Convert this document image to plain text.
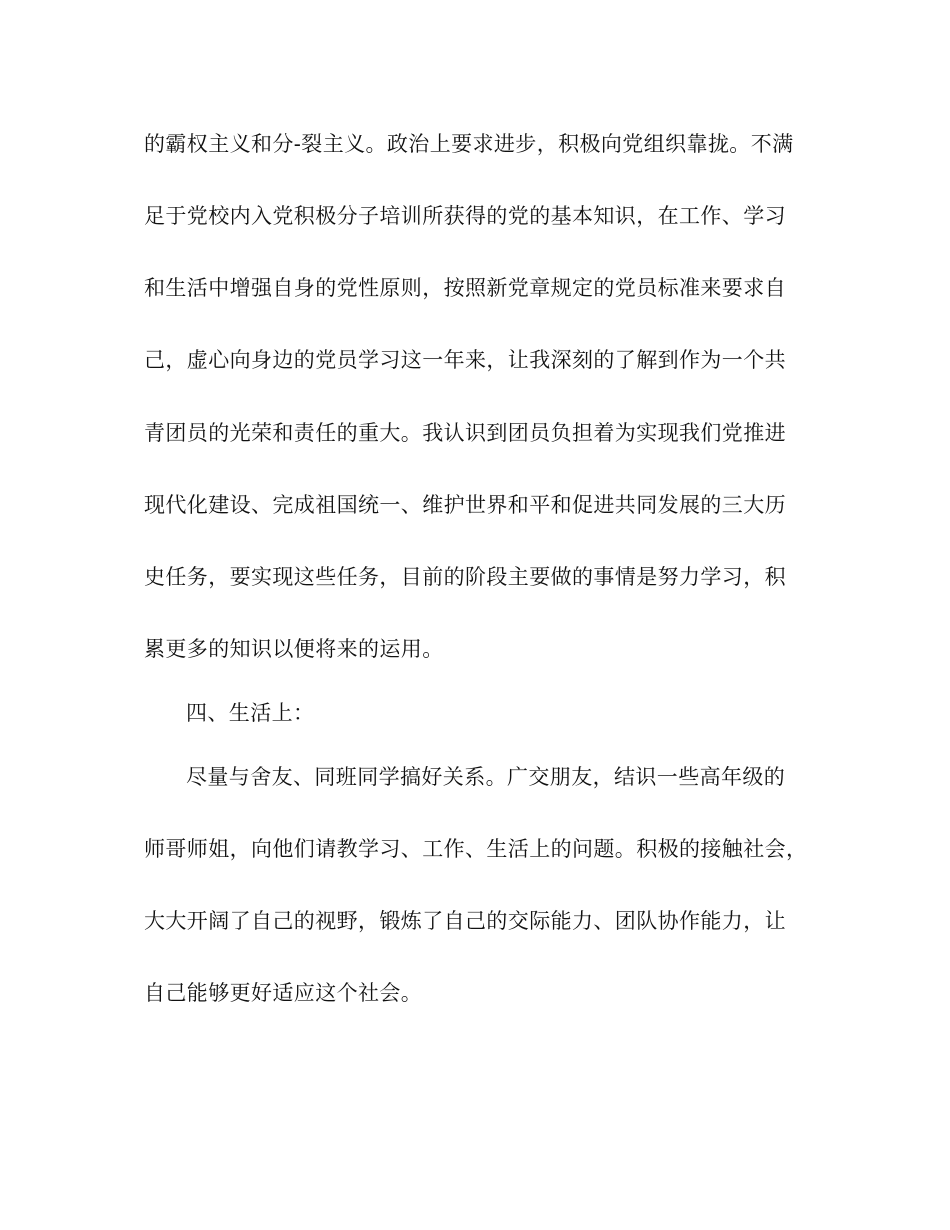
的霸权主义和分-裂主义。政治上要求进步，积极向党组织靠拢。不满
足于党校内入党积极分子培训所获得的党的基本知识，在工作、学习
和生活中增强自身的党性原则，按照新党章规定的党员标准来要求自
己，虚心向身边的党员学习这一年来，让我深刻的了解到作为一个共
青团员的光荣和责任的重大。我认识到团员负担着为实现我们党推进
现代化建设、完成祖国统一、维护世界和平和促进共同发展的三大历
史任务，要实现这些任务，目前的阶段主要做的事情是努力学习，积
累更多的知识以便将来的运用。
四、生活上：
尽量与舍友、同班同学搞好关系。广交朋友，结识一些高年级的
师哥师姐，向他们请教学习、工作、生活上的问题。积极的接触社会，
大大开阔了自己的视野，锻炼了自己的交际能力、团队协作能力，让
自己能够更好适应这个社会。
